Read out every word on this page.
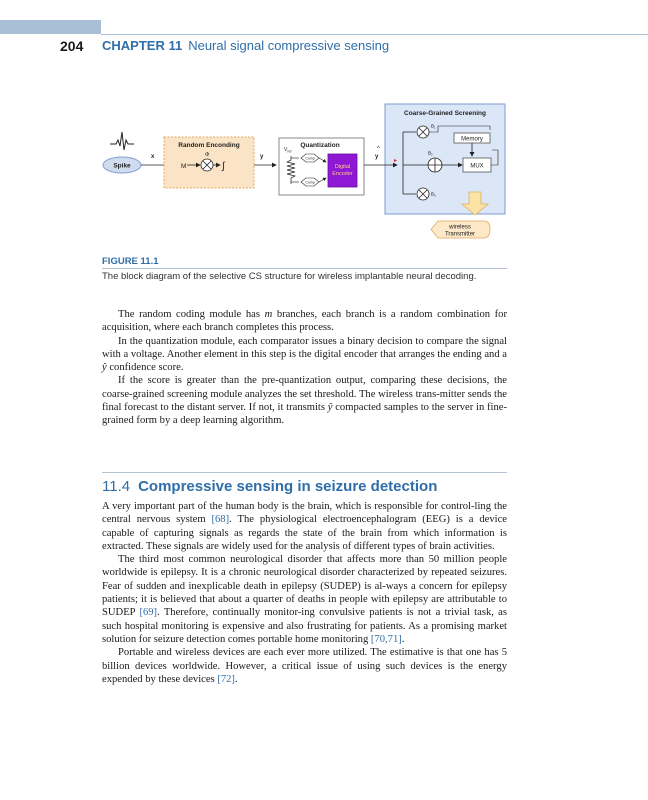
204 CHAPTER 11 Neural signal compressive sensing
Coarse-Grained Screening
Spike
x
Random Enconding
M
Φ
∫
y
Quantization
$V_{ref}$
Comp
Comp
Digital
Encoder
y
^
▸
θ₁
θ₃
θ₂
Memory
MUX
wireless
Transmitter
FIGURE 11.1
The block diagram of the selective CS structure for wireless implantable neural decoding.

The random coding module has m branches, each branch is a random combination for acquisition, where each branch completes this process.

In the quantization module, each comparator issues a binary decision to compare the signal with a voltage. Another element in this step is the digital encoder that arranges the ending and a ŷ confidence score.

If the score is greater than the pre-quantization output, comparing these decisions, the coarse-grained screening module analyzes the set threshold. The wireless trans-mitter sends the final forecast to the distant server. If not, it transmits ŷ compacted samples to the server in fine-grained form by a deep learning algorithm.

11.4 Compressive sensing in seizure detection

A very important part of the human body is the brain, which is responsible for control-ling the central nervous system [68]. The physiological electroencephalogram (EEG) is a device capable of capturing signals as regards the state of the brain from which information is extracted. These signals are widely used for the analysis of different types of brain activities.

The third most common neurological disorder that affects more than 50 million people worldwide is epilepsy. It is a chronic neurological disorder characterized by repeated seizures. Fear of sudden and inexplicable death in epilepsy (SUDEP) is al-ways a concern for epilepsy patients; it is believed that about a quarter of deaths in people with epilepsy are attributable to SUDEP [69]. Therefore, continually monitor-ing convulsive patients is not a trivial task, as such hospital monitoring is expensive and also frustrating for patients. As a promising market solution for seizure detection comes portable home monitoring [70,71].

Portable and wireless devices are each ever more utilized. The estimative is that one has 5 billion devices worldwide. However, a critical issue of using such devices is the energy expended by these devices [72].
